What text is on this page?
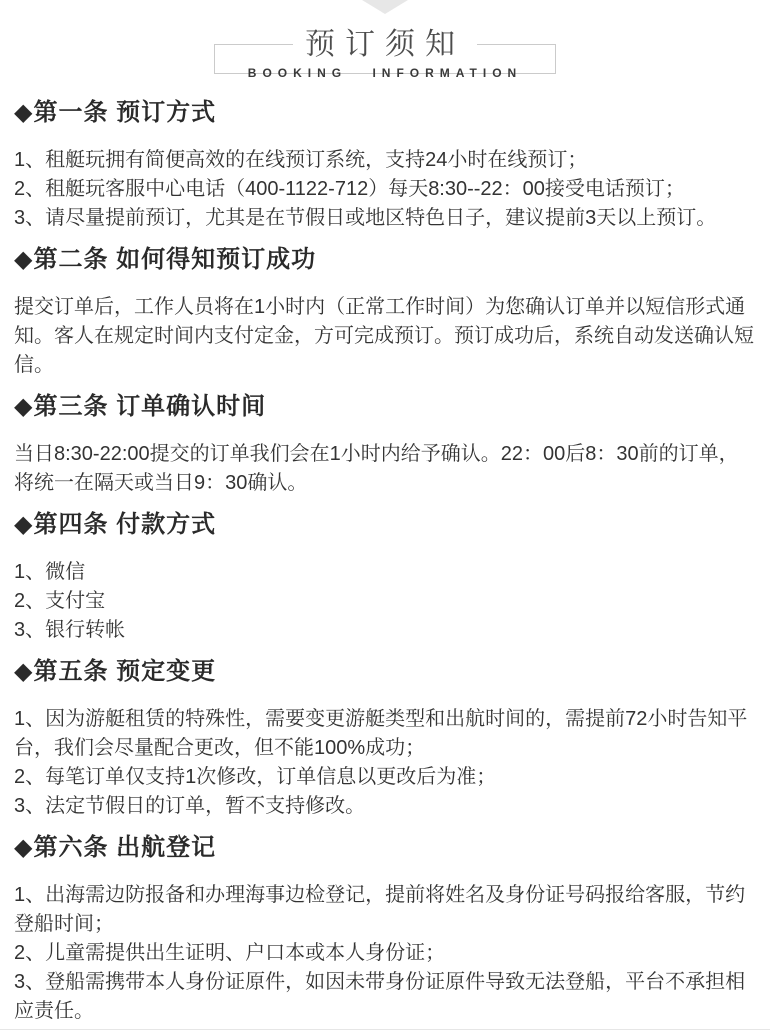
预订须知
BOOKING INFORMATION
◆第一条 预订方式

1、租艇玩拥有简便高效的在线预订系统，支持24小时在线预订；

2、租艇玩客服中心电话（400-1122-712）每天8:30--22：00接受电话预订；

3、请尽量提前预订，尤其是在节假日或地区特色日子，建议提前3天以上预订。

◆第二条 如何得知预订成功

提交订单后，工作人员将在1小时内（正常工作时间）为您确认订单并以短信形式通知。客人在规定时间内支付定金，方可完成预订。预订成功后，系统自动发送确认短信。

◆第三条 订单确认时间

当日8:30-22:00提交的订单我们会在1小时内给予确认。22：00后8：30前的订单，将统一在隔天或当日9：30确认。

◆第四条 付款方式

1、微信

2、支付宝

3、银行转帐

◆第五条 预定变更

1、因为游艇租赁的特殊性，需要变更游艇类型和出航时间的，需提前72小时告知平台，我们会尽量配合更改，但不能100%成功；

2、每笔订单仅支持1次修改，订单信息以更改后为准；

3、法定节假日的订单，暂不支持修改。

◆第六条 出航登记

1、出海需边防报备和办理海事边检登记，提前将姓名及身份证号码报给客服，节约登船时间；

2、儿童需提供出生证明、户口本或本人身份证；

3、登船需携带本人身份证原件，如因未带身份证原件导致无法登船，平台不承担相应责任。
